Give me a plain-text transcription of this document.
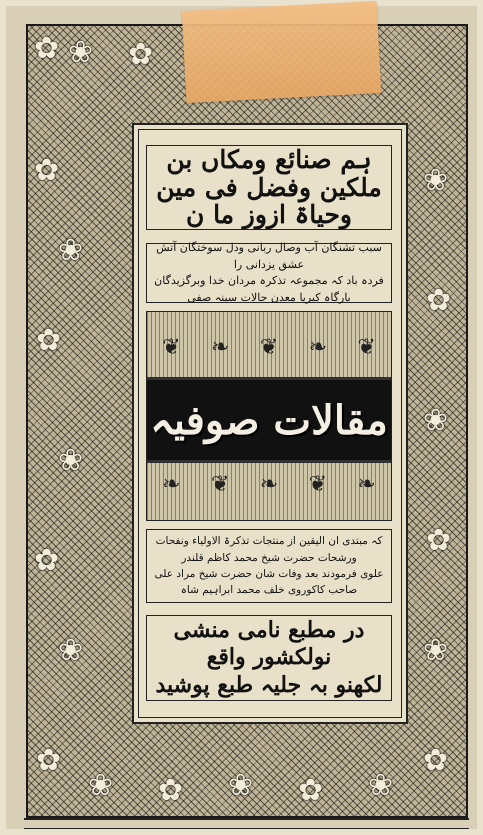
✿ ❀
✿
❀
✿
❀
✿
❀
✿
❀ ✿ ❀ ✿ ❀
✿
❀
✿
❀
✿
❀
✿
ہم صنائع ومکاں بن ملکین وفضل فی مین وحیاۃ ازوز ما ن
سبب تشنگان آب وصال ربانی ودل سوختگان آتش عشق یزدانی را
فردہ باد کہ مجموعہ تذکرہ مردان خدا وبرگزیدگان بارگاہ کبریا معدن حالات سینہ صفی
❦ ❧ ❦ ❧ ❦
مقالات صوفیہ
❧ ❦ ❧ ❦ ❧
کہ مبتدی ان الیقین از منتجات تذکرۃ الاولیاء ونفحات ورشحات حضرت شیخ محمد کاظم قلندر
علوی فرمودند بعد وفات شان حضرت شیخ مراد علی صاحب کاکوروی خلف محمد ابراہیم شاہ
در مطبع نامی منشی نولکشور واقع
لکھنو بہ جلیہ طبع پوشید
